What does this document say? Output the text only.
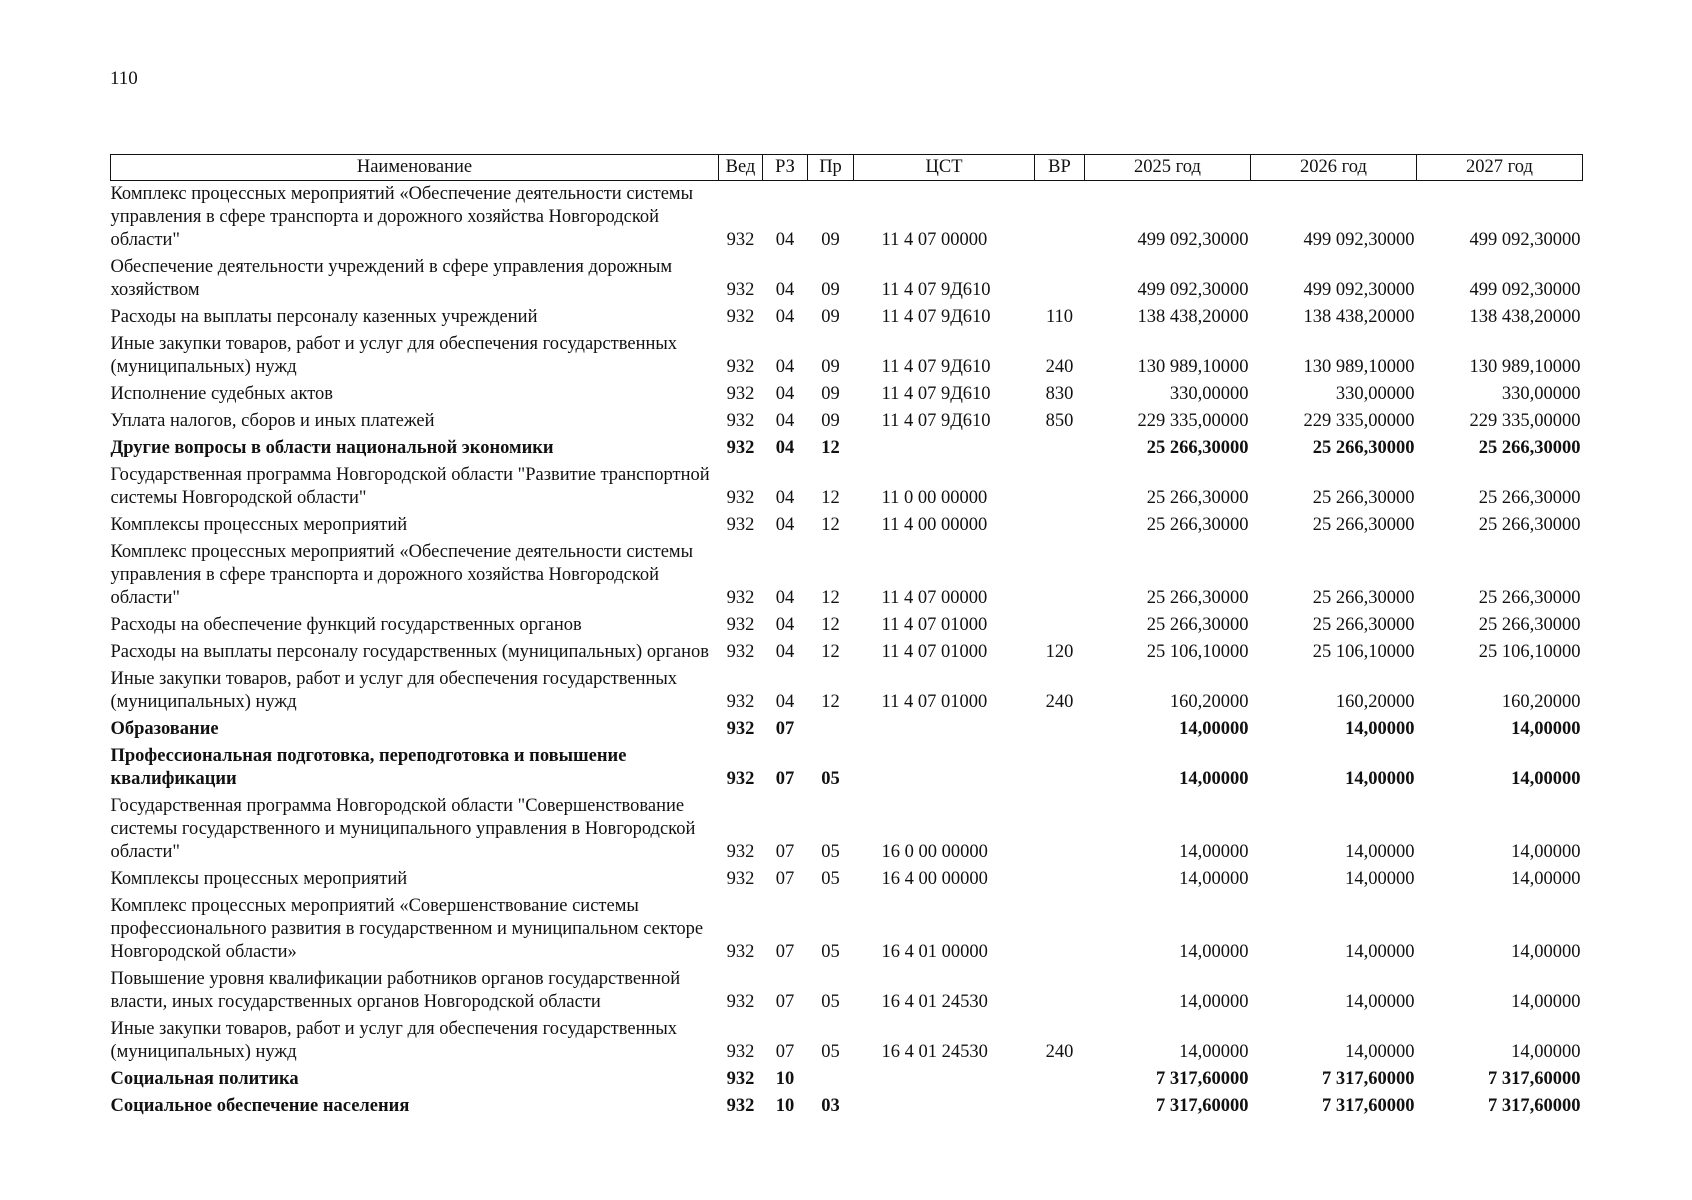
110
Наименование	Вед	РЗ	Пр	ЦСТ	ВР	2025 год	2026 год	2027 год
Комплекс процессных мероприятий «Обеспечение деятельности системы управления в сфере транспорта и дорожного хозяйства Новгородской области"	932	04	09	11 4 07 00000		499 092,30000	499 092,30000	499 092,30000
Обеспечение деятельности учреждений в сфере управления дорожным хозяйством	932	04	09	11 4 07 9Д610		499 092,30000	499 092,30000	499 092,30000
Расходы на выплаты персоналу казенных учреждений	932	04	09	11 4 07 9Д610	110	138 438,20000	138 438,20000	138 438,20000
Иные закупки товаров, работ и услуг для обеспечения государственных (муниципальных) нужд	932	04	09	11 4 07 9Д610	240	130 989,10000	130 989,10000	130 989,10000
Исполнение судебных актов	932	04	09	11 4 07 9Д610	830	330,00000	330,00000	330,00000
Уплата налогов, сборов и иных платежей	932	04	09	11 4 07 9Д610	850	229 335,00000	229 335,00000	229 335,00000
Другие вопросы в области национальной экономики	932	04	12			25 266,30000	25 266,30000	25 266,30000
Государственная программа Новгородской области "Развитие транспортной системы Новгородской области"	932	04	12	11 0 00 00000		25 266,30000	25 266,30000	25 266,30000
Комплексы процессных мероприятий	932	04	12	11 4 00 00000		25 266,30000	25 266,30000	25 266,30000
Комплекс процессных мероприятий «Обеспечение деятельности системы управления в сфере транспорта и дорожного хозяйства Новгородской области"	932	04	12	11 4 07 00000		25 266,30000	25 266,30000	25 266,30000
Расходы на обеспечение функций государственных органов	932	04	12	11 4 07 01000		25 266,30000	25 266,30000	25 266,30000
Расходы на выплаты персоналу государственных (муниципальных) органов	932	04	12	11 4 07 01000	120	25 106,10000	25 106,10000	25 106,10000
Иные закупки товаров, работ и услуг для обеспечения государственных (муниципальных) нужд	932	04	12	11 4 07 01000	240	160,20000	160,20000	160,20000
Образование	932	07				14,00000	14,00000	14,00000
Профессиональная подготовка, переподготовка и повышение квалификации	932	07	05			14,00000	14,00000	14,00000
Государственная программа Новгородской области "Совершенствование системы государственного и муниципального управления в Новгородской области"	932	07	05	16 0 00 00000		14,00000	14,00000	14,00000
Комплексы процессных мероприятий	932	07	05	16 4 00 00000		14,00000	14,00000	14,00000
Комплекс процессных мероприятий «Совершенствование системы профессионального развития в государственном и муниципальном секторе Новгородской области»	932	07	05	16 4 01 00000		14,00000	14,00000	14,00000
Повышение уровня квалификации работников органов государственной власти, иных государственных органов Новгородской области	932	07	05	16 4 01 24530		14,00000	14,00000	14,00000
Иные закупки товаров, работ и услуг для обеспечения государственных (муниципальных) нужд	932	07	05	16 4 01 24530	240	14,00000	14,00000	14,00000
Социальная политика	932	10				7 317,60000	7 317,60000	7 317,60000
Социальное обеспечение населения	932	10	03			7 317,60000	7 317,60000	7 317,60000
